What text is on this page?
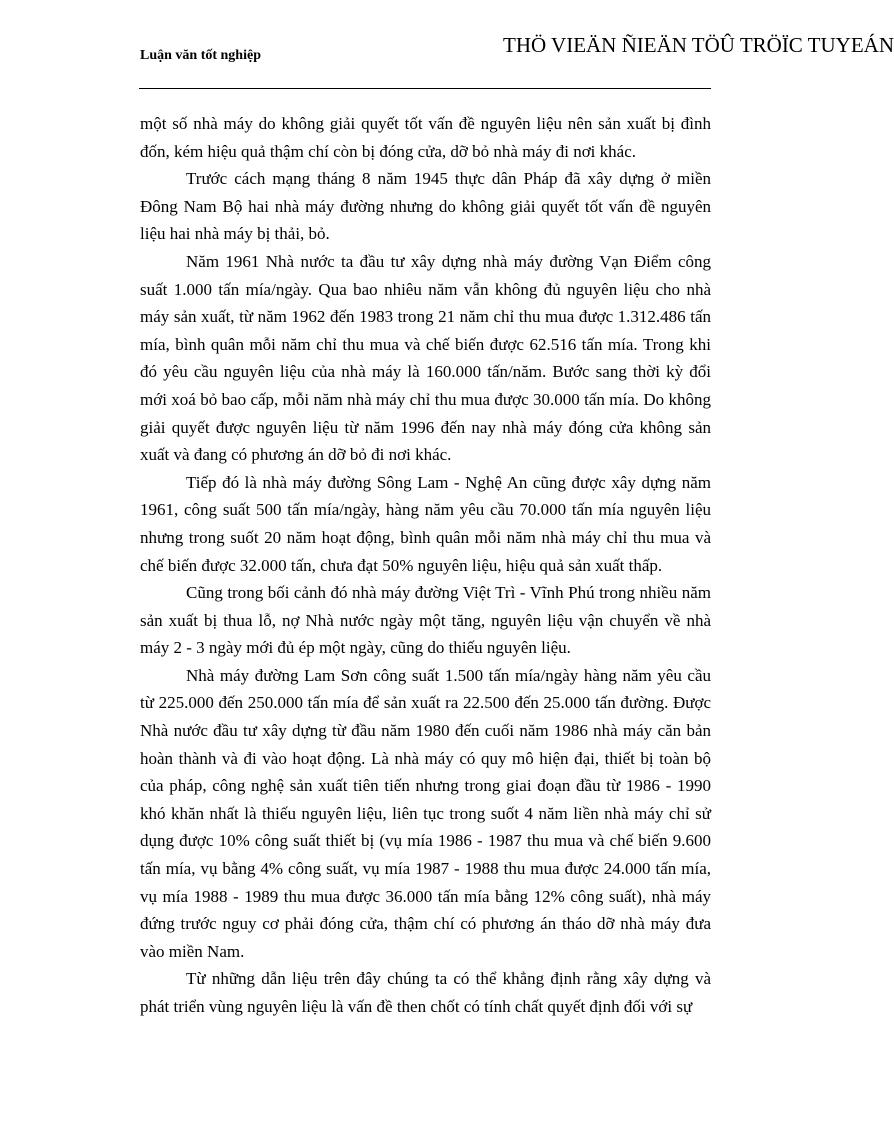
Luận văn tốt nghiệp	THÖ VIEÄN ÑIEÄN TÖÛ TRÖÏC TUYEÁN

một số nhà máy do không giải quyết tốt vấn đề nguyên liệu nên sản xuất bị đình đốn, kém hiệu quả thậm chí còn bị đóng cửa, dỡ bỏ nhà máy đi nơi khác.

Trước cách mạng tháng 8 năm 1945 thực dân Pháp đã xây dựng ở miền Đông Nam Bộ hai nhà máy đường nhưng do không giải quyết tốt vấn đề nguyên liệu hai nhà máy bị thải, bỏ.

Năm 1961 Nhà nước ta đầu tư xây dựng nhà máy đường Vạn Điểm công suất 1.000 tấn mía/ngày. Qua bao nhiêu năm vẫn không đủ nguyên liệu cho nhà máy sản xuất, từ năm 1962 đến 1983 trong 21 năm chỉ thu mua được 1.312.486 tấn mía, bình quân mỗi năm chỉ thu mua và chế biến được 62.516 tấn mía. Trong khi đó yêu cầu nguyên liệu của nhà máy là 160.000 tấn/năm. Bước sang thời kỳ đổi mới xoá bỏ bao cấp, mỗi năm nhà máy chỉ thu mua được 30.000 tấn mía. Do không giải quyết được nguyên liệu từ năm 1996 đến nay nhà máy đóng cửa không sản xuất và đang có phương án dỡ bỏ đi nơi khác.

Tiếp đó là nhà máy đường Sông Lam - Nghệ An cũng được xây dựng năm 1961, công suất 500 tấn mía/ngày, hàng năm yêu cầu 70.000 tấn mía nguyên liệu nhưng trong suốt 20 năm hoạt động, bình quân mỗi năm nhà máy chỉ thu mua và chế biến được 32.000 tấn, chưa đạt 50% nguyên liệu, hiệu quả sản xuất thấp.

Cũng trong bối cảnh đó nhà máy đường Việt Trì - Vĩnh Phú trong nhiều năm sản xuất bị thua lỗ, nợ Nhà nước ngày một tăng, nguyên liệu vận chuyển về nhà máy 2 - 3 ngày mới đủ ép một ngày, cũng do thiếu nguyên liệu.

Nhà máy đường Lam Sơn công suất 1.500 tấn mía/ngày hàng năm yêu cầu từ 225.000 đến 250.000 tấn mía để sản xuất ra 22.500 đến 25.000 tấn đường. Được Nhà nước đầu tư xây dựng từ đầu năm 1980 đến cuối năm 1986 nhà máy căn bản hoàn thành và đi vào hoạt động. Là nhà máy có quy mô hiện đại, thiết bị toàn bộ của pháp, công nghệ sản xuất tiên tiến nhưng trong giai đoạn đầu từ 1986 - 1990 khó khăn nhất là thiếu nguyên liệu, liên tục trong suốt 4 năm liền nhà máy chỉ sử dụng được 10% công suất thiết bị (vụ mía 1986 - 1987 thu mua và chế biến 9.600 tấn mía, vụ bằng 4% công suất, vụ mía 1987 - 1988 thu mua được 24.000 tấn mía, vụ mía 1988 - 1989 thu mua được 36.000 tấn mía bằng 12% công suất), nhà máy đứng trước nguy cơ phải đóng cửa, thậm chí có phương án tháo dỡ nhà máy đưa vào miền Nam.

Từ những dẫn liệu trên đây chúng ta có thể khẳng định rằng xây dựng và phát triển vùng nguyên liệu là vấn đề then chốt có tính chất quyết định đối với sự
